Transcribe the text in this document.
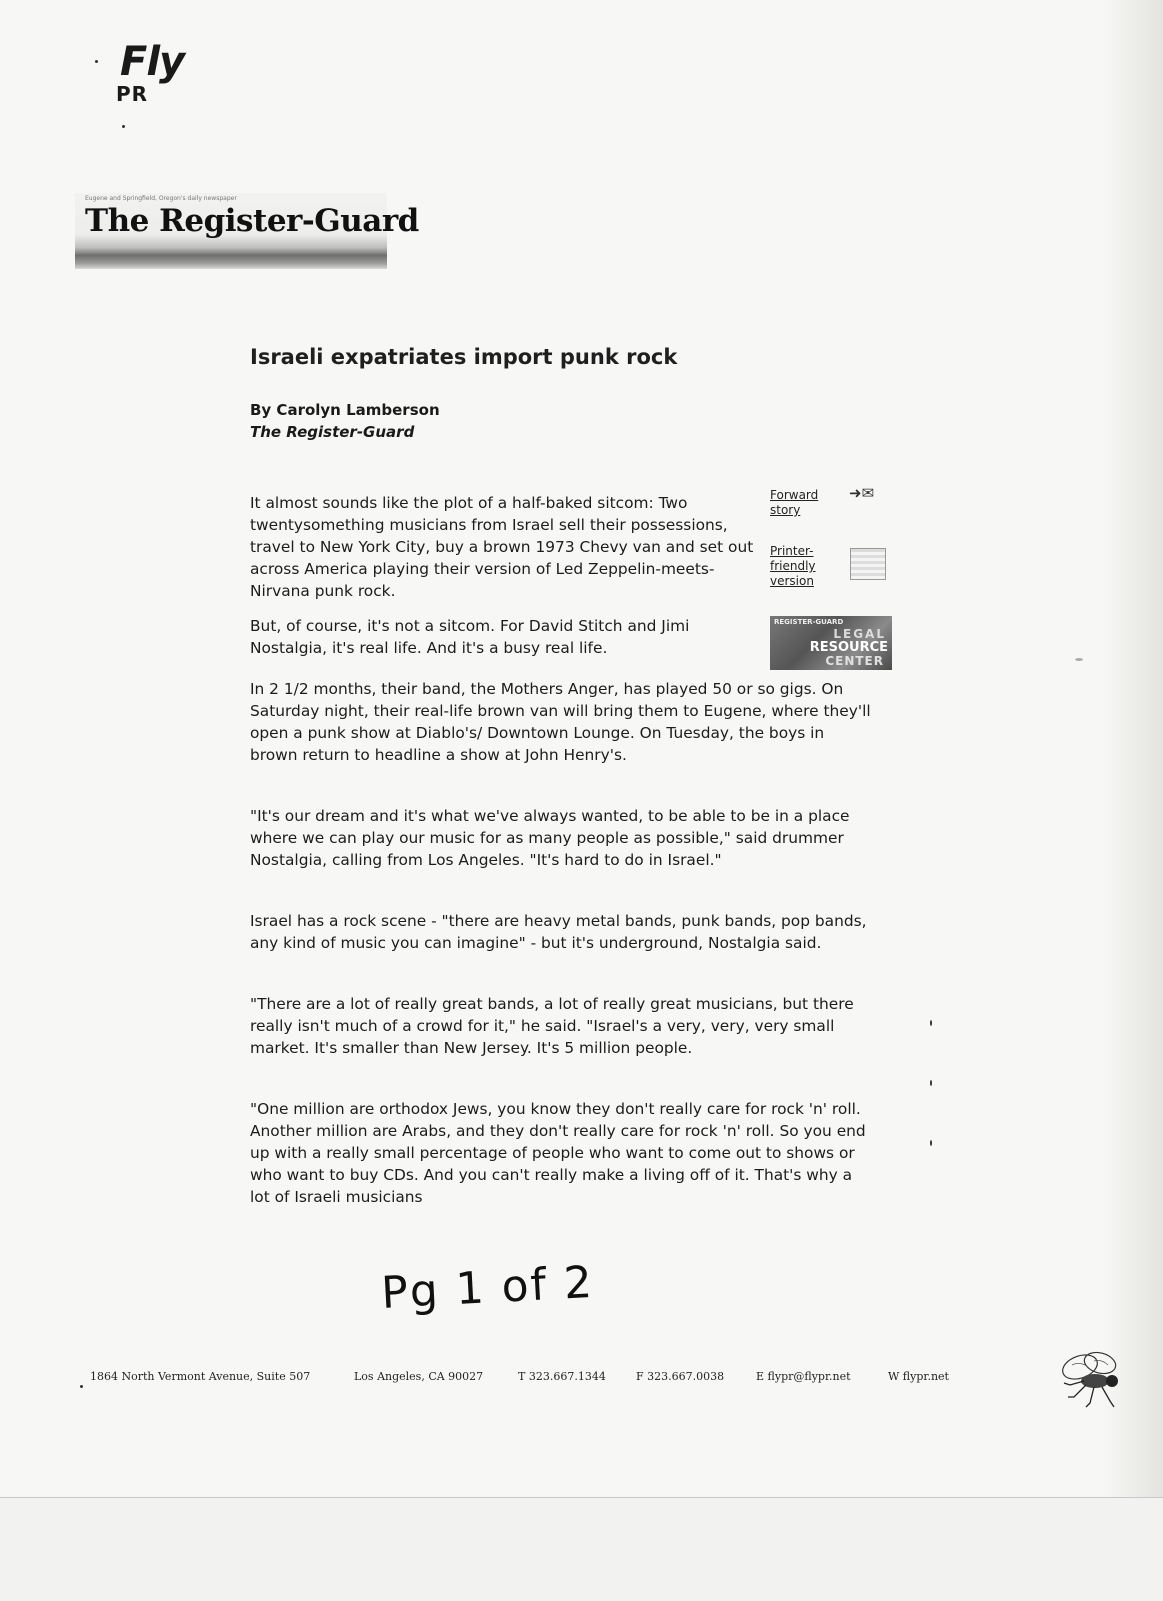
Fly
PR
Eugene and Springfield, Oregon's daily newspaper
The Register-Guard
Israeli expatriates import punk rock
By Carolyn Lamberson
The Register-Guard

It almost sounds like the plot of a half-baked sitcom: Two twentysomething musicians from Israel sell their possessions, travel to New York City, buy a brown 1973 Chevy van and set out across America playing their version of Led Zeppelin-meets-Nirvana punk rock.

But, of course, it's not a sitcom. For David Stitch and Jimi Nostalgia, it's real life. And it's a busy real life.

In 2 1/2 months, their band, the Mothers Anger, has played 50 or so gigs. On Saturday night, their real-life brown van will bring them to Eugene, where they'll open a punk show at Diablo's/ Downtown Lounge. On Tuesday, the boys in brown return to headline a show at John Henry's.

"It's our dream and it's what we've always wanted, to be able to be in a place where we can play our music for as many people as possible," said drummer Nostalgia, calling from Los Angeles. "It's hard to do in Israel."

Israel has a rock scene - "there are heavy metal bands, punk bands, pop bands, any kind of music you can imagine" - but it's underground, Nostalgia said.

"There are a lot of really great bands, a lot of really great musicians, but there really isn't much of a crowd for it," he said. "Israel's a very, very, very small market. It's smaller than New Jersey. It's 5 million people.

"One million are orthodox Jews, you know they don't really care for rock 'n' roll. Another million are Arabs, and they don't really care for rock 'n' roll. So you end up with a really small percentage of people who want to come out to shows or who want to buy CDs. And you can't really make a living off of it. That's why a lot of Israeli musicians

Forward story
➜✉
Printer-friendly version
REGISTER-GUARD
LEGAL
RESOURCE
CENTER
Pg 1 of 2
1864 North Vermont Avenue, Suite 507	Los Angeles, CA 90027	T 323.667.1344	F 323.667.0038	E flypr@flypr.net	W flypr.net
